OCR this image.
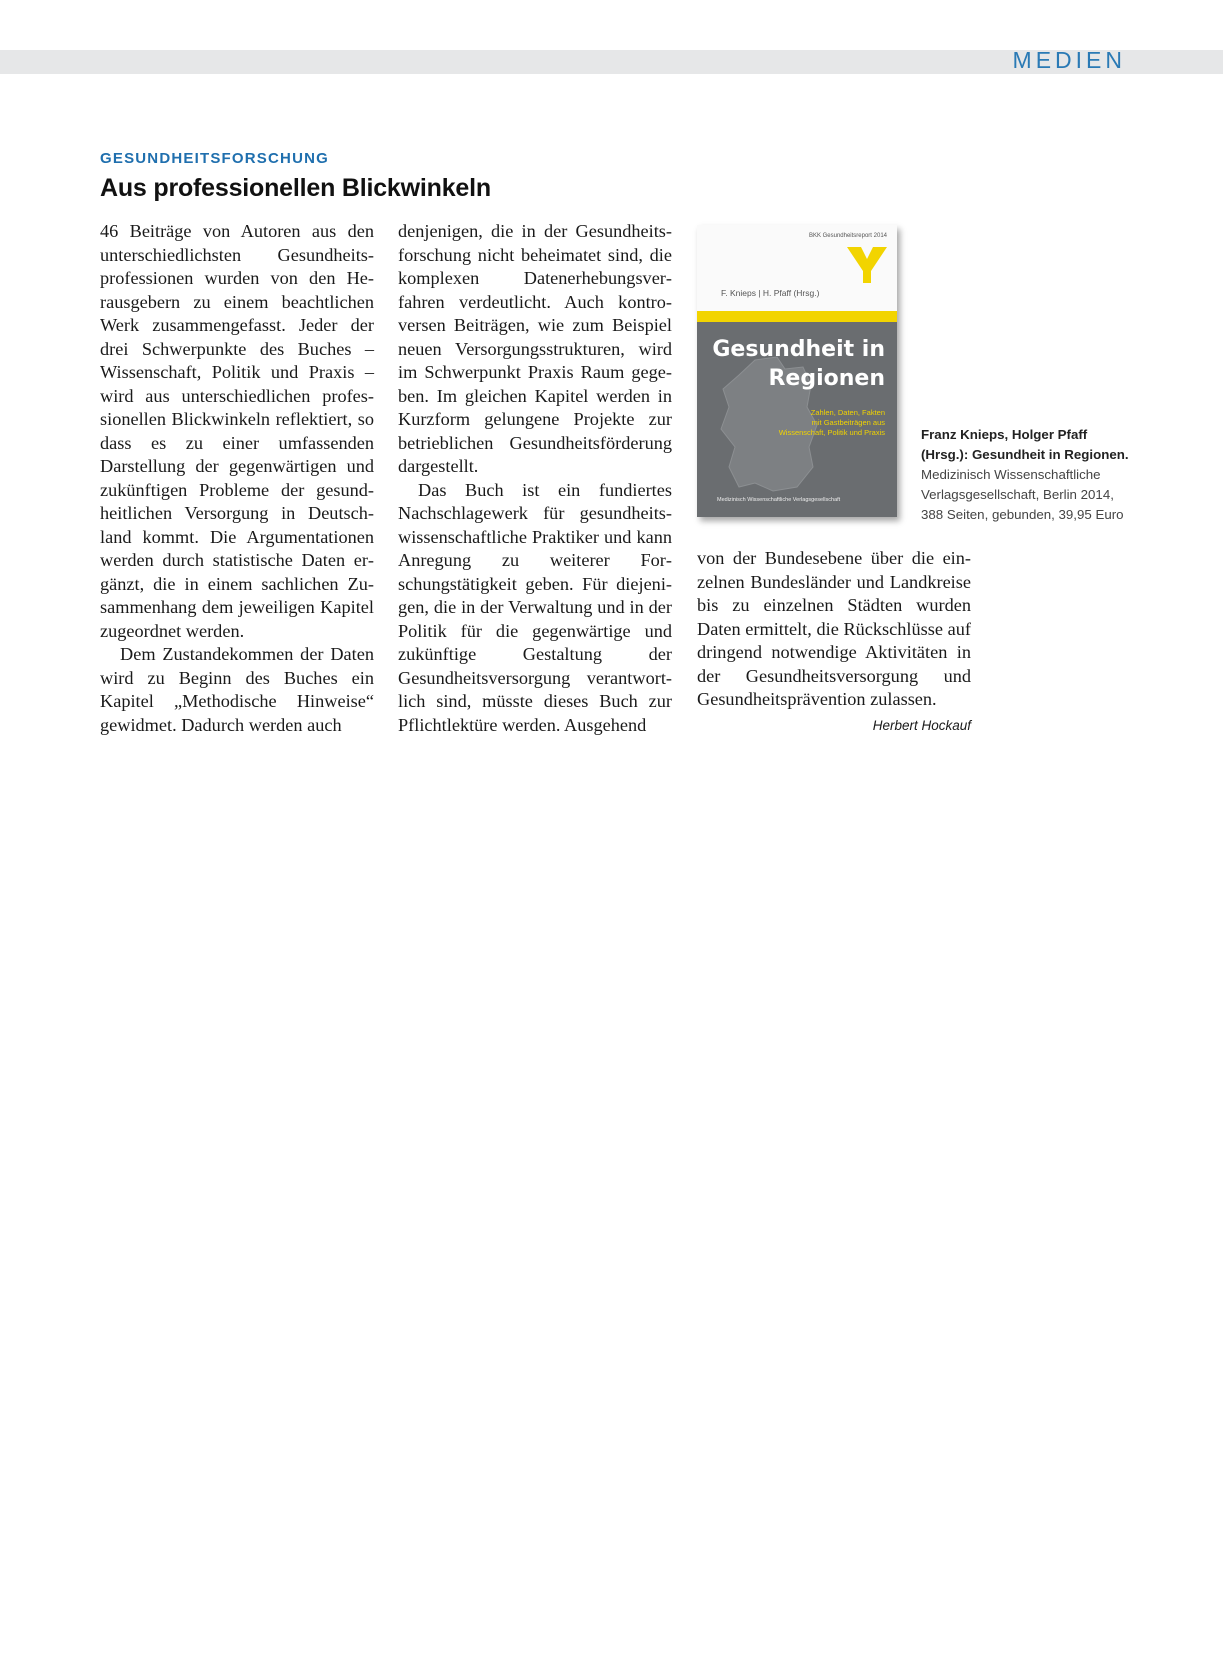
MEDIEN
GESUNDHEITSFORSCHUNG
Aus professionellen Blickwinkeln

46 Beiträge von Autoren aus den unterschiedlichsten Gesundheitsprofessionen wurden von den Herausgebern zu einem beachtlichen Werk zusammengefasst. Jeder der drei Schwerpunkte des Buches – Wissenschaft, Politik und Praxis – wird aus unterschiedlichen professionellen Blickwinkeln reflektiert, so dass es zu einer umfassenden Darstellung der gegenwärtigen und zukünftigen Probleme der gesundheitlichen Versorgung in Deutschland kommt. Die Argumentationen werden durch statistische Daten ergänzt, die in einem sachlichen Zusammenhang dem jeweiligen Kapitel zugeordnet werden.

Dem Zustandekommen der Daten wird zu Beginn des Buches ein Kapitel „Methodische Hinweise“ gewidmet. Dadurch werden auch

denjenigen, die in der Gesundheitsforschung nicht beheimatet sind, die komplexen Datenerhebungsverfahren verdeutlicht. Auch kontroversen Beiträgen, wie zum Beispiel neuen Versorgungsstrukturen, wird im Schwerpunkt Praxis Raum gegeben. Im gleichen Kapitel werden in Kurzform gelungene Projekte zur betrieblichen Gesundheitsförderung dargestellt.

Das Buch ist ein fundiertes Nachschlagewerk für gesundheitswissenschaftliche Praktiker und kann Anregung zu weiterer Forschungstätigkeit geben. Für diejenigen, die in der Verwaltung und in der Politik für die gegenwärtige und zukünftige Gestaltung der Gesundheitsversorgung verantwortlich sind, müsste dieses Buch zur Pflichtlektüre werden. Ausgehend

BKK Gesundheitsreport 2014
F. Knieps | H. Pfaff (Hrsg.)
Gesundheit in
Regionen
Zahlen, Daten, Fakten
mit Gastbeiträgen aus
Wissenschaft, Politik und Praxis
Medizinisch Wissenschaftliche Verlagsgesellschaft
Franz Knieps, Holger Pfaff
(Hrsg.): Gesundheit in Regionen.
Medizinisch Wissenschaftliche
Verlagsgesellschaft, Berlin 2014,
388 Seiten, gebunden, 39,95 Euro

von der Bundesebene über die einzelnen Bundesländer und Landkreise bis zu einzelnen Städten wurden Daten ermittelt, die Rückschlüsse auf dringend notwendige Aktivitäten in der Gesundheitsversorgung und Gesundheitsprävention zulassen.
Herbert Hockauf
